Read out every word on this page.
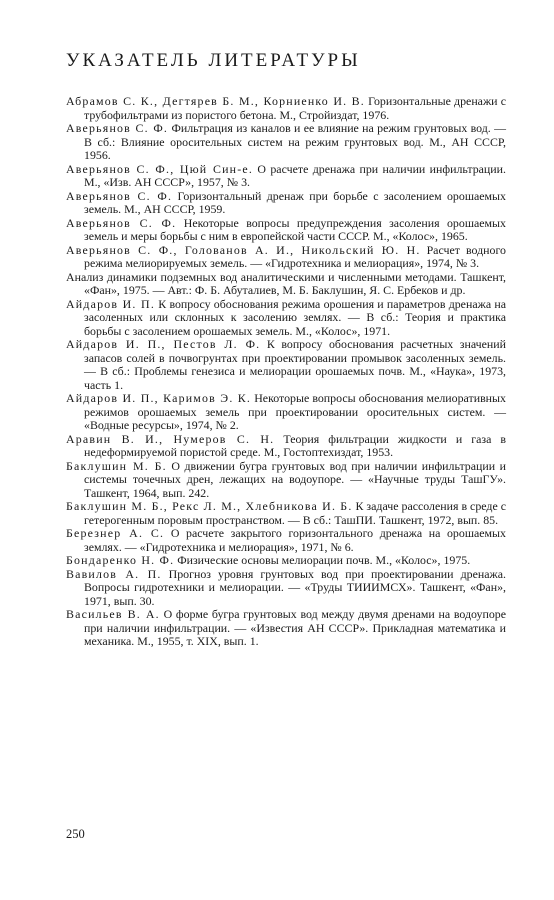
УКАЗАТЕЛЬ ЛИТЕРАТУРЫ

Абрамов С. К., Дегтярев Б. М., Корниенко И. В. Горизонтальные дренажи с трубофильтрами из пористого бетона. М., Стройиздат, 1976.

Аверьянов С. Ф. Фильтрация из каналов и ее влияние на режим грунтовых вод. — В сб.: Влияние оросительных систем на режим грунтовых вод. М., АН СССР, 1956.

Аверьянов С. Ф., Цюй Син-е. О расчете дренажа при наличии инфильтрации. М., «Изв. АН СССР», 1957, № 3.

Аверьянов С. Ф. Горизонтальный дренаж при борьбе с засолением орошаемых земель. М., АН СССР, 1959.

Аверьянов С. Ф. Некоторые вопросы предупреждения засоления орошаемых земель и меры борьбы с ним в европейской части СССР. М., «Колос», 1965.

Аверьянов С. Ф., Голованов А. И., Никольский Ю. Н. Расчет водного режима мелиорируемых земель. — «Гидротехника и мелиорация», 1974, № 3.

Анализ динамики подземных вод аналитическими и численными методами. Ташкент, «Фан», 1975. — Авт.: Ф. Б. Абуталиев, М. Б. Баклушин, Я. С. Ербеков и др.

Айдаров И. П. К вопросу обоснования режима орошения и параметров дренажа на засоленных или склонных к засолению землях. — В сб.: Теория и практика борьбы с засолением орошаемых земель. М., «Колос», 1971.

Айдаров И. П., Пестов Л. Ф. К вопросу обоснования расчетных значений запасов солей в почвогрунтах при проектировании промывок засоленных земель. — В сб.: Проблемы генезиса и мелиорации орошаемых почв. М., «Наука», 1973, часть 1.

Айдаров И. П., Каримов Э. К. Некоторые вопросы обоснования мелиоративных режимов орошаемых земель при проектировании оросительных систем. — «Водные ресурсы», 1974, № 2.

Аравин В. И., Нумеров С. Н. Теория фильтрации жидкости и газа в недеформируемой пористой среде. М., Гостоптехиздат, 1953.

Баклушин М. Б. О движении бугра грунтовых вод при наличии инфильтрации и системы точечных дрен, лежащих на водоупоре. — «Научные труды ТашГУ». Ташкент, 1964, вып. 242.

Баклушин М. Б., Рекс Л. М., Хлебникова И. Б. К задаче рассоления в среде с гетерогенным поровым пространством. — В сб.: ТашПИ. Ташкент, 1972, вып. 85.

Березнер А. С. О расчете закрытого горизонтального дренажа на орошаемых землях. — «Гидротехника и мелиорация», 1971, № 6.

Бондаренко Н. Ф. Физические основы мелиорации почв. М., «Колос», 1975.

Вавилов А. П. Прогноз уровня грунтовых вод при проектировании дренажа. Вопросы гидротехники и мелиорации. — «Труды ТИИИМСХ». Ташкент, «Фан», 1971, вып. 30.

Васильев В. А. О форме бугра грунтовых вод между двумя дренами на водоупоре при наличии инфильтрации. — «Известия АН СССР». Прикладная математика и механика. М., 1955, т. XIX, вып. 1.

250
